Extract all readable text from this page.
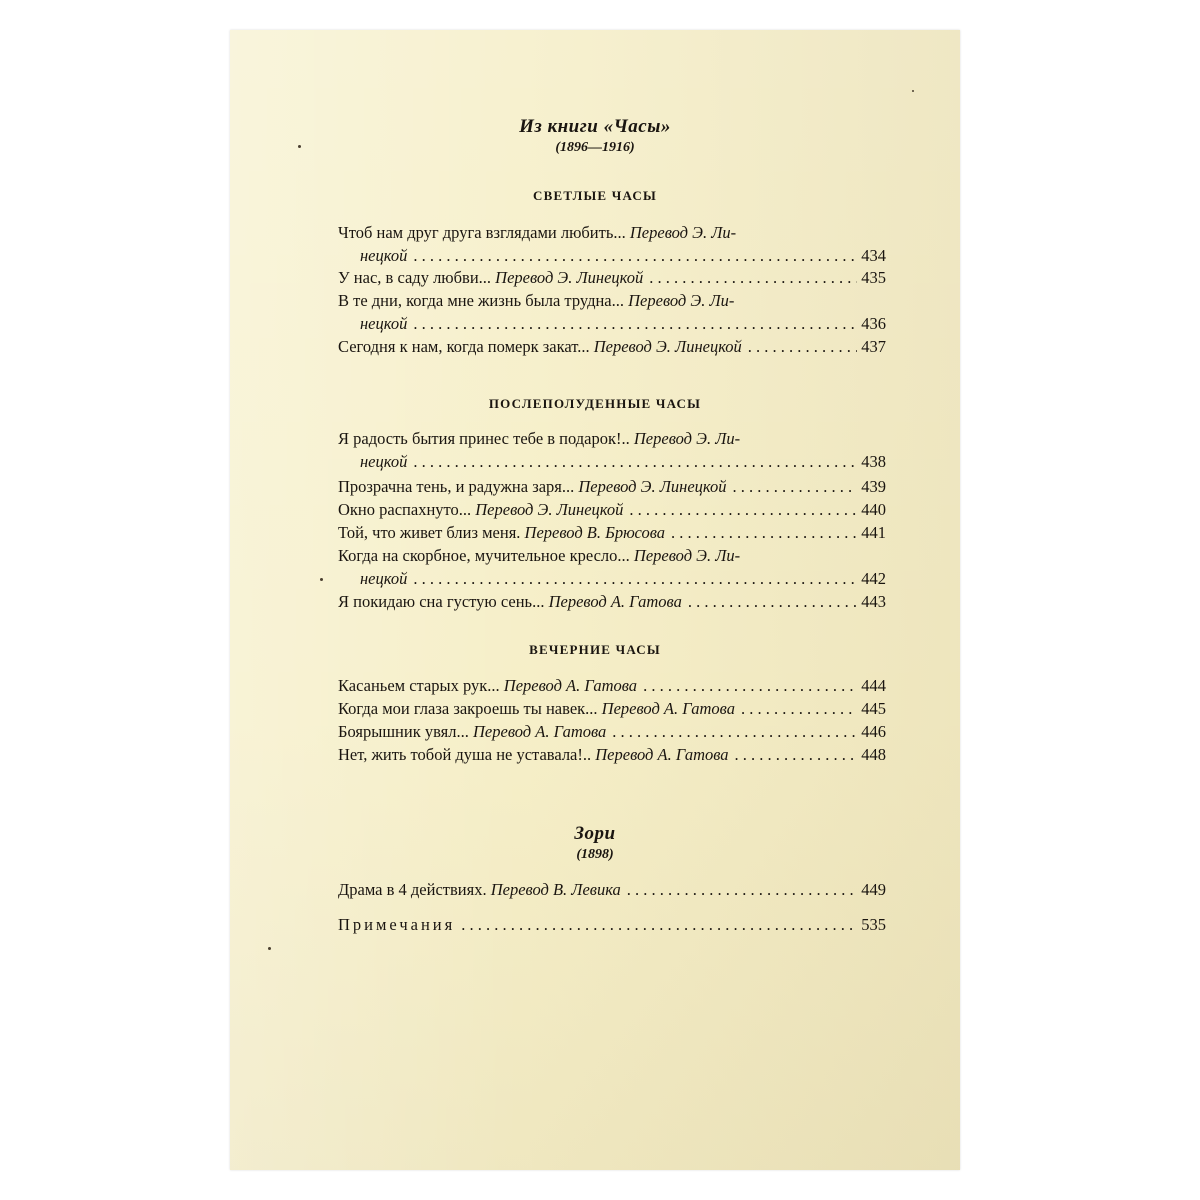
Из книги «Часы»
(1896—1916)
СВЕТЛЫЕ ЧАСЫ
Чтоб нам друг друга взглядами любить...
Перевод Э. Ли-
нецкой . . .	434
У нас, в саду любви... Перевод Э. Линецкой . . .	435
В те дни, когда мне жизнь была трудна...
Перевод Э. Ли-
нецкой . . .	436
Сегодня к нам, когда померк закат... Перевод Э. Линецкой . . .	437
ПОСЛЕПОЛУДЕННЫЕ ЧАСЫ
Я радость бытия принес тебе в подарок!..
Перевод Э. Ли-
нецкой . . .	438
Прозрачна тень, и радужна заря... Перевод Э. Линецкой . . .	439
Окно распахнуто... Перевод Э. Линецкой . . .	440
Той, что живет близ меня. Перевод В. Брюсова . . .	441
Когда на скорбное, мучительное кресло...
Перевод Э. Ли-
нецкой . . .	442
Я покидаю сна густую сень... Перевод А. Гатова . . .	443
ВЕЧЕРНИЕ ЧАСЫ
Касаньем старых рук... Перевод А. Гатова . . .	444
Когда мои глаза закроешь ты навек... Перевод А. Гатова . . .	445
Боярышник увял... Перевод А. Гатова . . .	446
Нет, жить тобой душа не уставала!.. Перевод А. Гатова . . .	448
Зори
(1898)
Драма в 4 действиях. Перевод В. Левика . . .	449
Примечания . . .	535
